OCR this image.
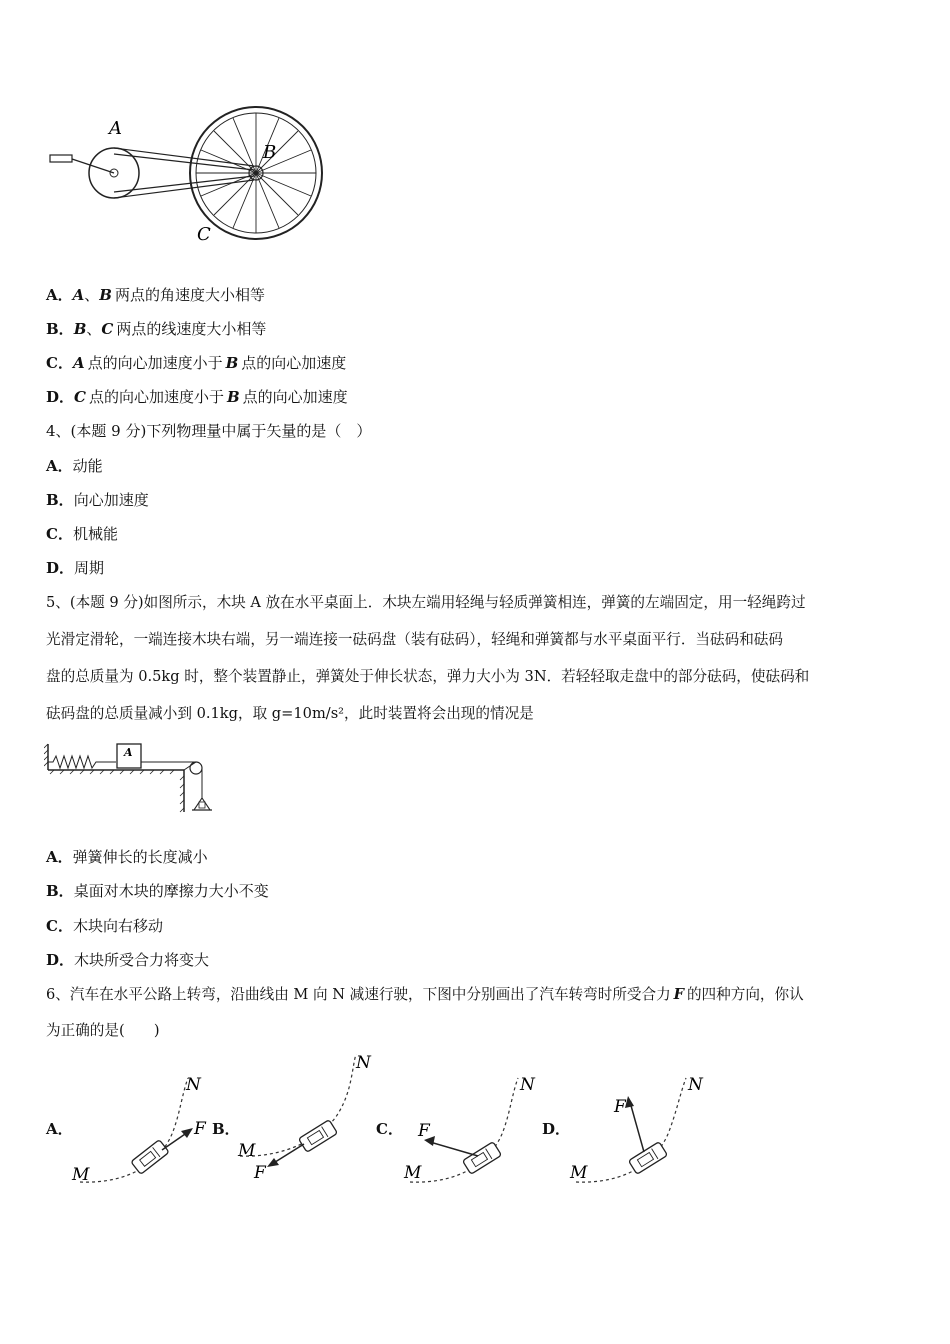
A
B
C
A．A、B  两点的角速度大小相等
B．B、C  两点的线速度大小相等
C．A  点的向心加速度小于  B  点的向心加速度
D．C  点的向心加速度小于  B  点的向心加速度
4、(本题 9 分)下列物理量中属于矢量的是（　）
A．动能
B．向心加速度
C．机械能
D．周期
5、(本题 9 分)如图所示，木块 A 放在水平桌面上．木块左端用轻绳与轻质弹簧相连，弹簧的左端固定，用一轻绳跨过
光滑定滑轮，一端连接木块右端，另一端连接一砝码盘（装有砝码），轻绳和弹簧都与水平桌面平行．当砝码和砝码
盘的总质量为 0.5kg 时，整个装置静止，弹簧处于伸长状态，弹力大小为 3N．若轻轻取走盘中的部分砝码，使砝码和
砝码盘的总质量减小到 0.1kg，取 g=10m/s²，此时装置将会出现的情况是
A
A．弹簧伸长的长度减小
B．桌面对木块的摩擦力大小不变
C．木块向右移动
D．木块所受合力将变大
6、汽车在水平公路上转弯，沿曲线由 M 向 N 减速行驶，下图中分别画出了汽车转弯时所受合力  F  的四种方向，你认
为正确的是(　　)
A．
M
N
F B．
M
N
F
C．
M
N
F	D．
M
N
F
